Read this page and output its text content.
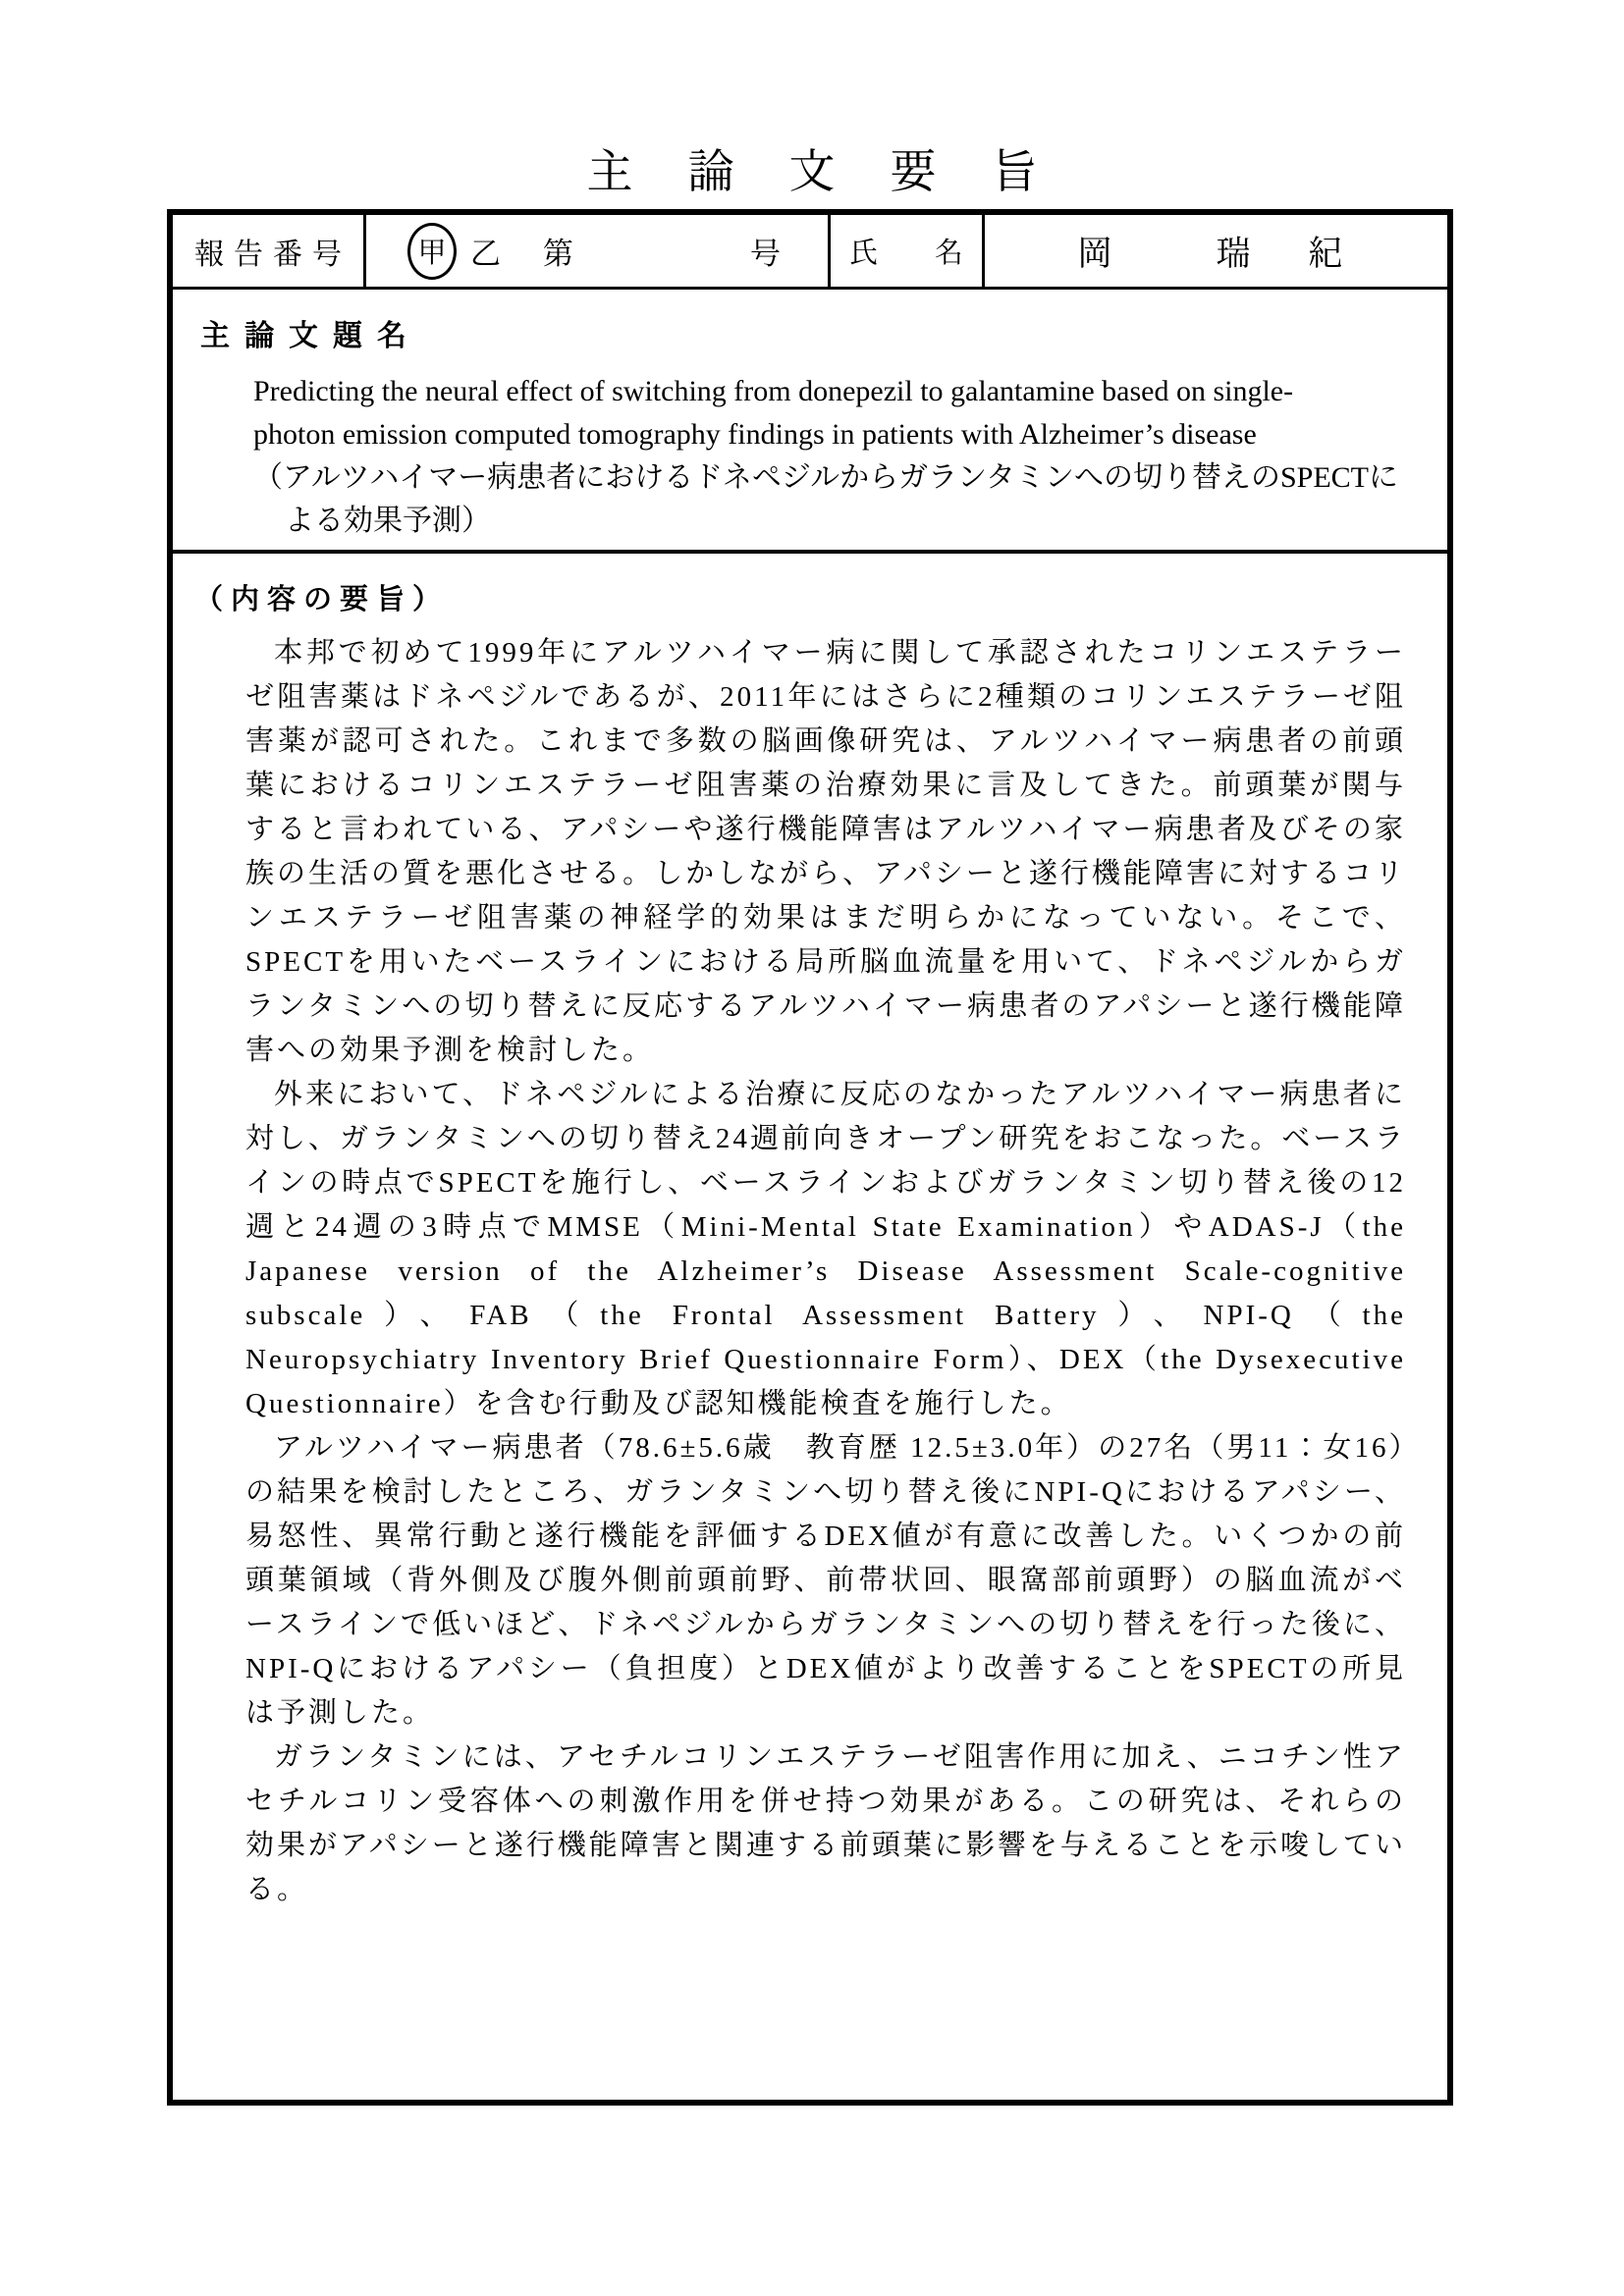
主論文要旨
報告番号	甲 乙　第	号	氏　　名	岡　　瑞　紀
主論文題名
Predicting the neural effect of switching from donepezil to galantamine based on single-
photon emission computed tomography findings in patients with Alzheimer’s disease
（アルツハイマー病患者におけるドネペジルからガランタミンへの切り替えのSPECTに
よる効果予測）
（内容の要旨）

本邦で初めて1999年にアルツハイマー病に関して承認されたコリンエステラーゼ阻害薬はドネペジルであるが、2011年にはさらに2種類のコリンエステラーゼ阻害薬が認可された。これまで多数の脳画像研究は、アルツハイマー病患者の前頭葉におけるコリンエステラーゼ阻害薬の治療効果に言及してきた。前頭葉が関与すると言われている、アパシーや遂行機能障害はアルツハイマー病患者及びその家族の生活の質を悪化させる。しかしながら、アパシーと遂行機能障害に対するコリンエステラーゼ阻害薬の神経学的効果はまだ明らかになっていない。そこで、SPECTを用いたベースラインにおける局所脳血流量を用いて、ドネペジルからガランタミンへの切り替えに反応するアルツハイマー病患者のアパシーと遂行機能障害への効果予測を検討した。

外来において、ドネペジルによる治療に反応のなかったアルツハイマー病患者に対し、ガランタミンへの切り替え24週前向きオープン研究をおこなった。ベースラインの時点でSPECTを施行し、ベースラインおよびガランタミン切り替え後の12週と24週の3時点でMMSE（Mini-Mental State Examination）やADAS-J（the Japanese version of the Alzheimer’s Disease Assessment Scale-cognitive subscale）、FAB（the Frontal Assessment Battery）、NPI-Q（the Neuropsychiatry Inventory Brief Questionnaire Form）、DEX（the Dysexecutive Questionnaire）を含む行動及び認知機能検査を施行した。

アルツハイマー病患者（78.6±5.6歳　教育歴 12.5±3.0年）の27名（男11：女16）の結果を検討したところ、ガランタミンへ切り替え後にNPI-Qにおけるアパシー、易怒性、異常行動と遂行機能を評価するDEX値が有意に改善した。いくつかの前頭葉領域（背外側及び腹外側前頭前野、前帯状回、眼窩部前頭野）の脳血流がベースラインで低いほど、ドネペジルからガランタミンへの切り替えを行った後に、NPI-Qにおけるアパシー（負担度）とDEX値がより改善することをSPECTの所見は予測した。

ガランタミンには、アセチルコリンエステラーゼ阻害作用に加え、ニコチン性アセチルコリン受容体への刺激作用を併せ持つ効果がある。この研究は、それらの効果がアパシーと遂行機能障害と関連する前頭葉に影響を与えることを示唆している。
